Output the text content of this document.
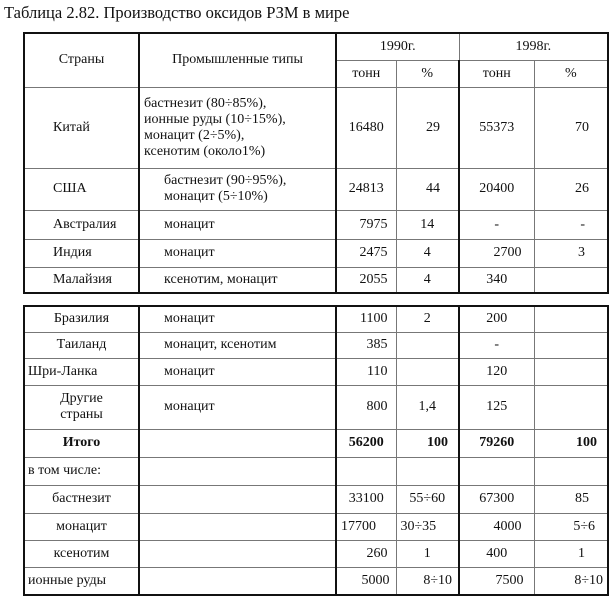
Таблица 2.82. Производство оксидов РЗМ в мире
Страны	Промышленные типы	1990г.		1998г.	
		тонн	%	тонн	%
Китай	бастнезит (80÷85%),
ионные руды (10÷15%),
монацит (2÷5%),
ксенотим (около1%)	16480	29	55373	70
США	бастнезит (90÷95%),
монацит (5÷10%)	24813	44	20400	26
Австралия	монацит	7975	14	-	-
Индия	монацит	2475	4	2700	3
Малайзия	ксенотим, монацит	2055	4	340	
Бразилия	монацит	1100	2	200	
Таиланд	монацит, ксенотим	385		-	
Шри-Ланка	монацит	110		120	

Другие
страны	монацит	800	1,4	125	
Итого		56200	100	79260	100
в том числе:					
бастнезит		33100	55÷60	67300	85
монацит		17700	30÷35	4000	5÷6
ксенотим		260	1	400	1
ионные руды		5000	8÷10	7500	8÷10
